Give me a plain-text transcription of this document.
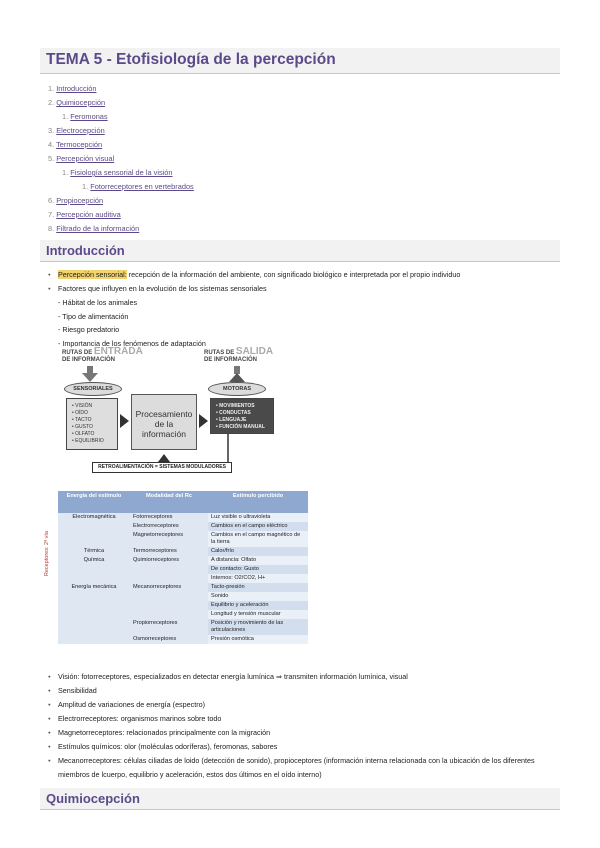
TEMA 5 - Etofisiología de la percepción
1. Introducción
2. Quimiocepción
1. Feromonas
3. Electrocepción
4. Termocepción
5. Percepción visual
1. Fisiología sensorial de la visión
1. Fotorreceptores en vertebrados
6. Propiocepción
7. Percepción auditiva
8. Filtrado de la información
Introducción
● Percepción sensorial: recepción de la información del ambiente, con significado biológico e interpretada por el propio individuo
● Factores que influyen en la evolución de los sistemas sensoriales
- Hábitat de los animales
- Tipo de alimentación
- Riesgo predatorio
- Importancia de los fenómenos de adaptación
RUTAS DE ENTRADA
DE INFORMACIÓN
RUTAS DE SALIDA
DE INFORMACIÓN
SENSORIALES	MOTORAS
• VISIÓN
• OÍDO
• TACTO
• GUSTO
• OLFATO
• EQUILIBRIO
Procesamiento
de la
información
• MOVIMIENTOS
• CONDUCTAS
• LENGUAJE
• FUNCIÓN MANUAL
RETROALIMENTACIÓN = SISTEMAS MODULADORES
Receptores: 2ª vía
Energía del estímulo	Modalidad del Rc	Estímulo percibido
Electromagnética	Fotorreceptores	Luz visible o ultravioleta
	Electrorreceptores	Cambios en el campo eléctrico
	Magnetorreceptores	Cambios en el campo magnético de la tierra
Térmica	Termorreceptores	Calor/frío
Química	Quimiorreceptores	A distancia: Olfato
		De contacto: Gusto
		Internos: O2/CO2, H+
Energía mecánica	Mecanorreceptores	Tacto-presión
		Sonido
		Equilibrio y aceleración
		Longitud y tensión muscular
	Propiorreceptores	Posición y movimiento de las articulaciones
	Osmorreceptores	Presión osmótica
● Visión: fotorreceptores, especializados en detectar energía lumínica ⇒ transmiten información lumínica, visual
● Sensibilidad
● Amplitud de variaciones de energía (espectro)
● Electrorreceptores: organismos marinos sobre todo
● Magnetorreceptores: relacionados principalmente con la migración
● Estímulos químicos: olor (moléculas odoríferas), feromonas, sabores
● Mecanorreceptores: células ciliadas de loido (detección de sonido), propioceptores (información interna relacionada con la ubicación de los diferentes miembros de lcuerpo, equilibrio y aceleración, estos dos últimos en el oído interno)
Quimiocepción
